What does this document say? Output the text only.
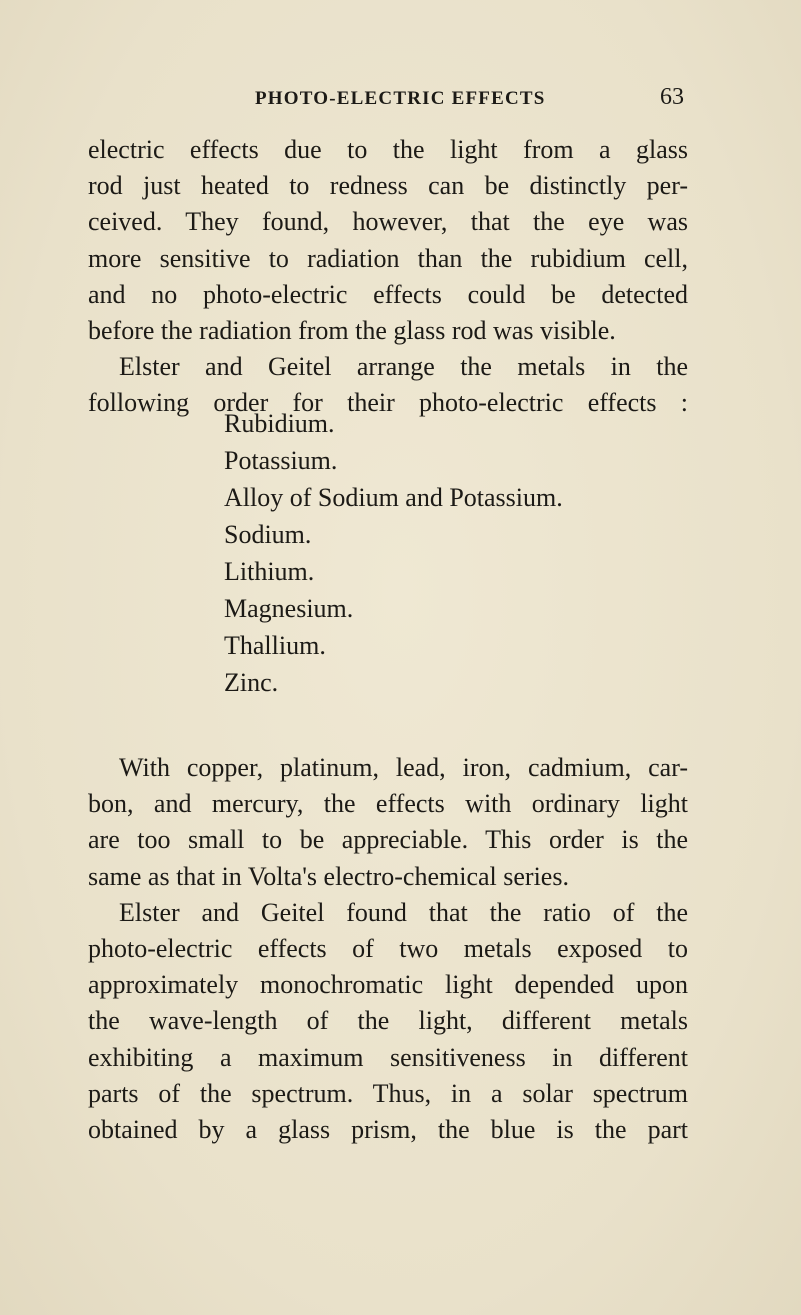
PHOTO-ELECTRIC EFFECTS	63
electric effects due to the light from a glass
rod just heated to redness can be distinctly per-
ceived. They found, however, that the eye was
more sensitive to radiation than the rubidium cell,
and no photo-electric effects could be detected
before the radiation from the glass rod was visible.
Elster and Geitel arrange the metals in the
following order for their photo-electric effects :
Rubidium.
Potassium.
Alloy of Sodium and Potassium.
Sodium.
Lithium.
Magnesium.
Thallium.
Zinc.
With copper, platinum, lead, iron, cadmium, car-
bon, and mercury, the effects with ordinary light
are too small to be appreciable. This order is the
same as that in Volta's electro-chemical series.
Elster and Geitel found that the ratio of the
photo-electric effects of two metals exposed to
approximately monochromatic light depended upon
the wave-length of the light, different metals
exhibiting a maximum sensitiveness in different
parts of the spectrum. Thus, in a solar spectrum
obtained by a glass prism, the blue is the part
